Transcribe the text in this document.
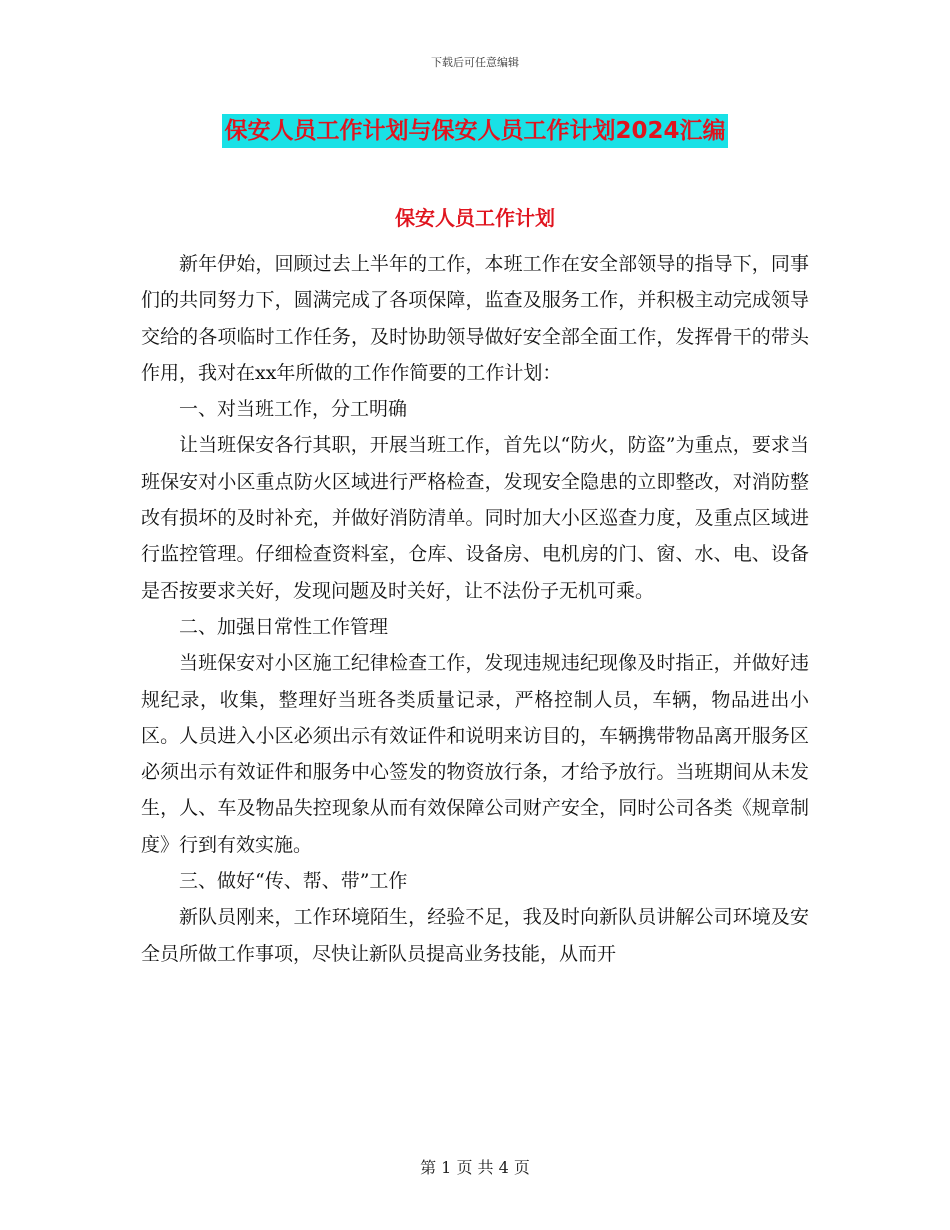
下载后可任意编辑
保安人员工作计划与保安人员工作计划2024汇编
保安人员工作计划

新年伊始，回顾过去上半年的工作，本班工作在安全部领导的指导下，同事们的共同努力下，圆满完成了各项保障，监查及服务工作，并积极主动完成领导交给的各项临时工作任务，及时协助领导做好安全部全面工作，发挥骨干的带头作用，我对在xx年所做的工作作简要的工作计划：

一、对当班工作，分工明确

让当班保安各行其职，开展当班工作，首先以“防火，防盗”为重点，要求当班保安对小区重点防火区域进行严格检查，发现安全隐患的立即整改，对消防整改有损坏的及时补充，并做好消防清单。同时加大小区巡查力度，及重点区域进行监控管理。仔细检查资料室，仓库、设备房、电机房的门、窗、水、电、设备是否按要求关好，发现问题及时关好，让不法份子无机可乘。

二、加强日常性工作管理

当班保安对小区施工纪律检查工作，发现违规违纪现像及时指正，并做好违规纪录，收集，整理好当班各类质量记录，严格控制人员，车辆，物品进出小区。人员进入小区必须出示有效证件和说明来访目的，车辆携带物品离开服务区必须出示有效证件和服务中心签发的物资放行条，才给予放行。当班期间从未发生，人、车及物品失控现象从而有效保障公司财产安全，同时公司各类《规章制度》行到有效实施。

三、做好“传、帮、带”工作

新队员刚来，工作环境陌生，经验不足，我及时向新队员讲解公司环境及安全员所做工作事项，尽快让新队员提高业务技能，从而开

第 1 页 共 4 页
